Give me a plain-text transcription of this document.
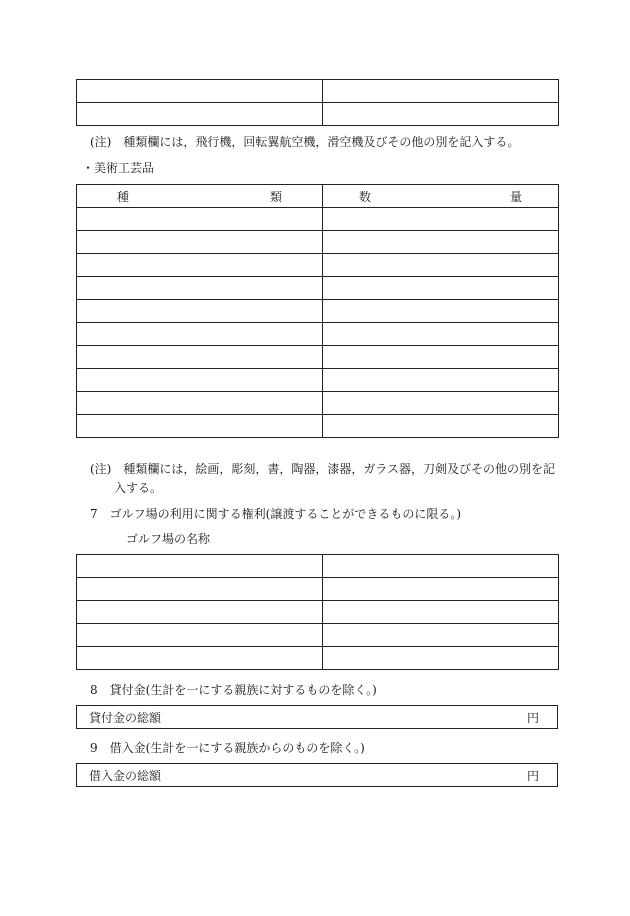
(注)　種類欄には，飛行機，回転翼航空機，滑空機及びその他の別を記入する。
・美術工芸品
種 類	数 量

(注)　種類欄には，絵画，彫刻，書，陶器，漆器，ガラス器，刀剣及びその他の別を記
入する。
7　ゴルフ場の利用に関する権利(譲渡することができるものに限る。)
ゴルフ場の名称

8　貸付金(生計を一にする親族に対するものを除く。)
貸付金の総額	円
9　借入金(生計を一にする親族からのものを除く。)
借入金の総額	円
